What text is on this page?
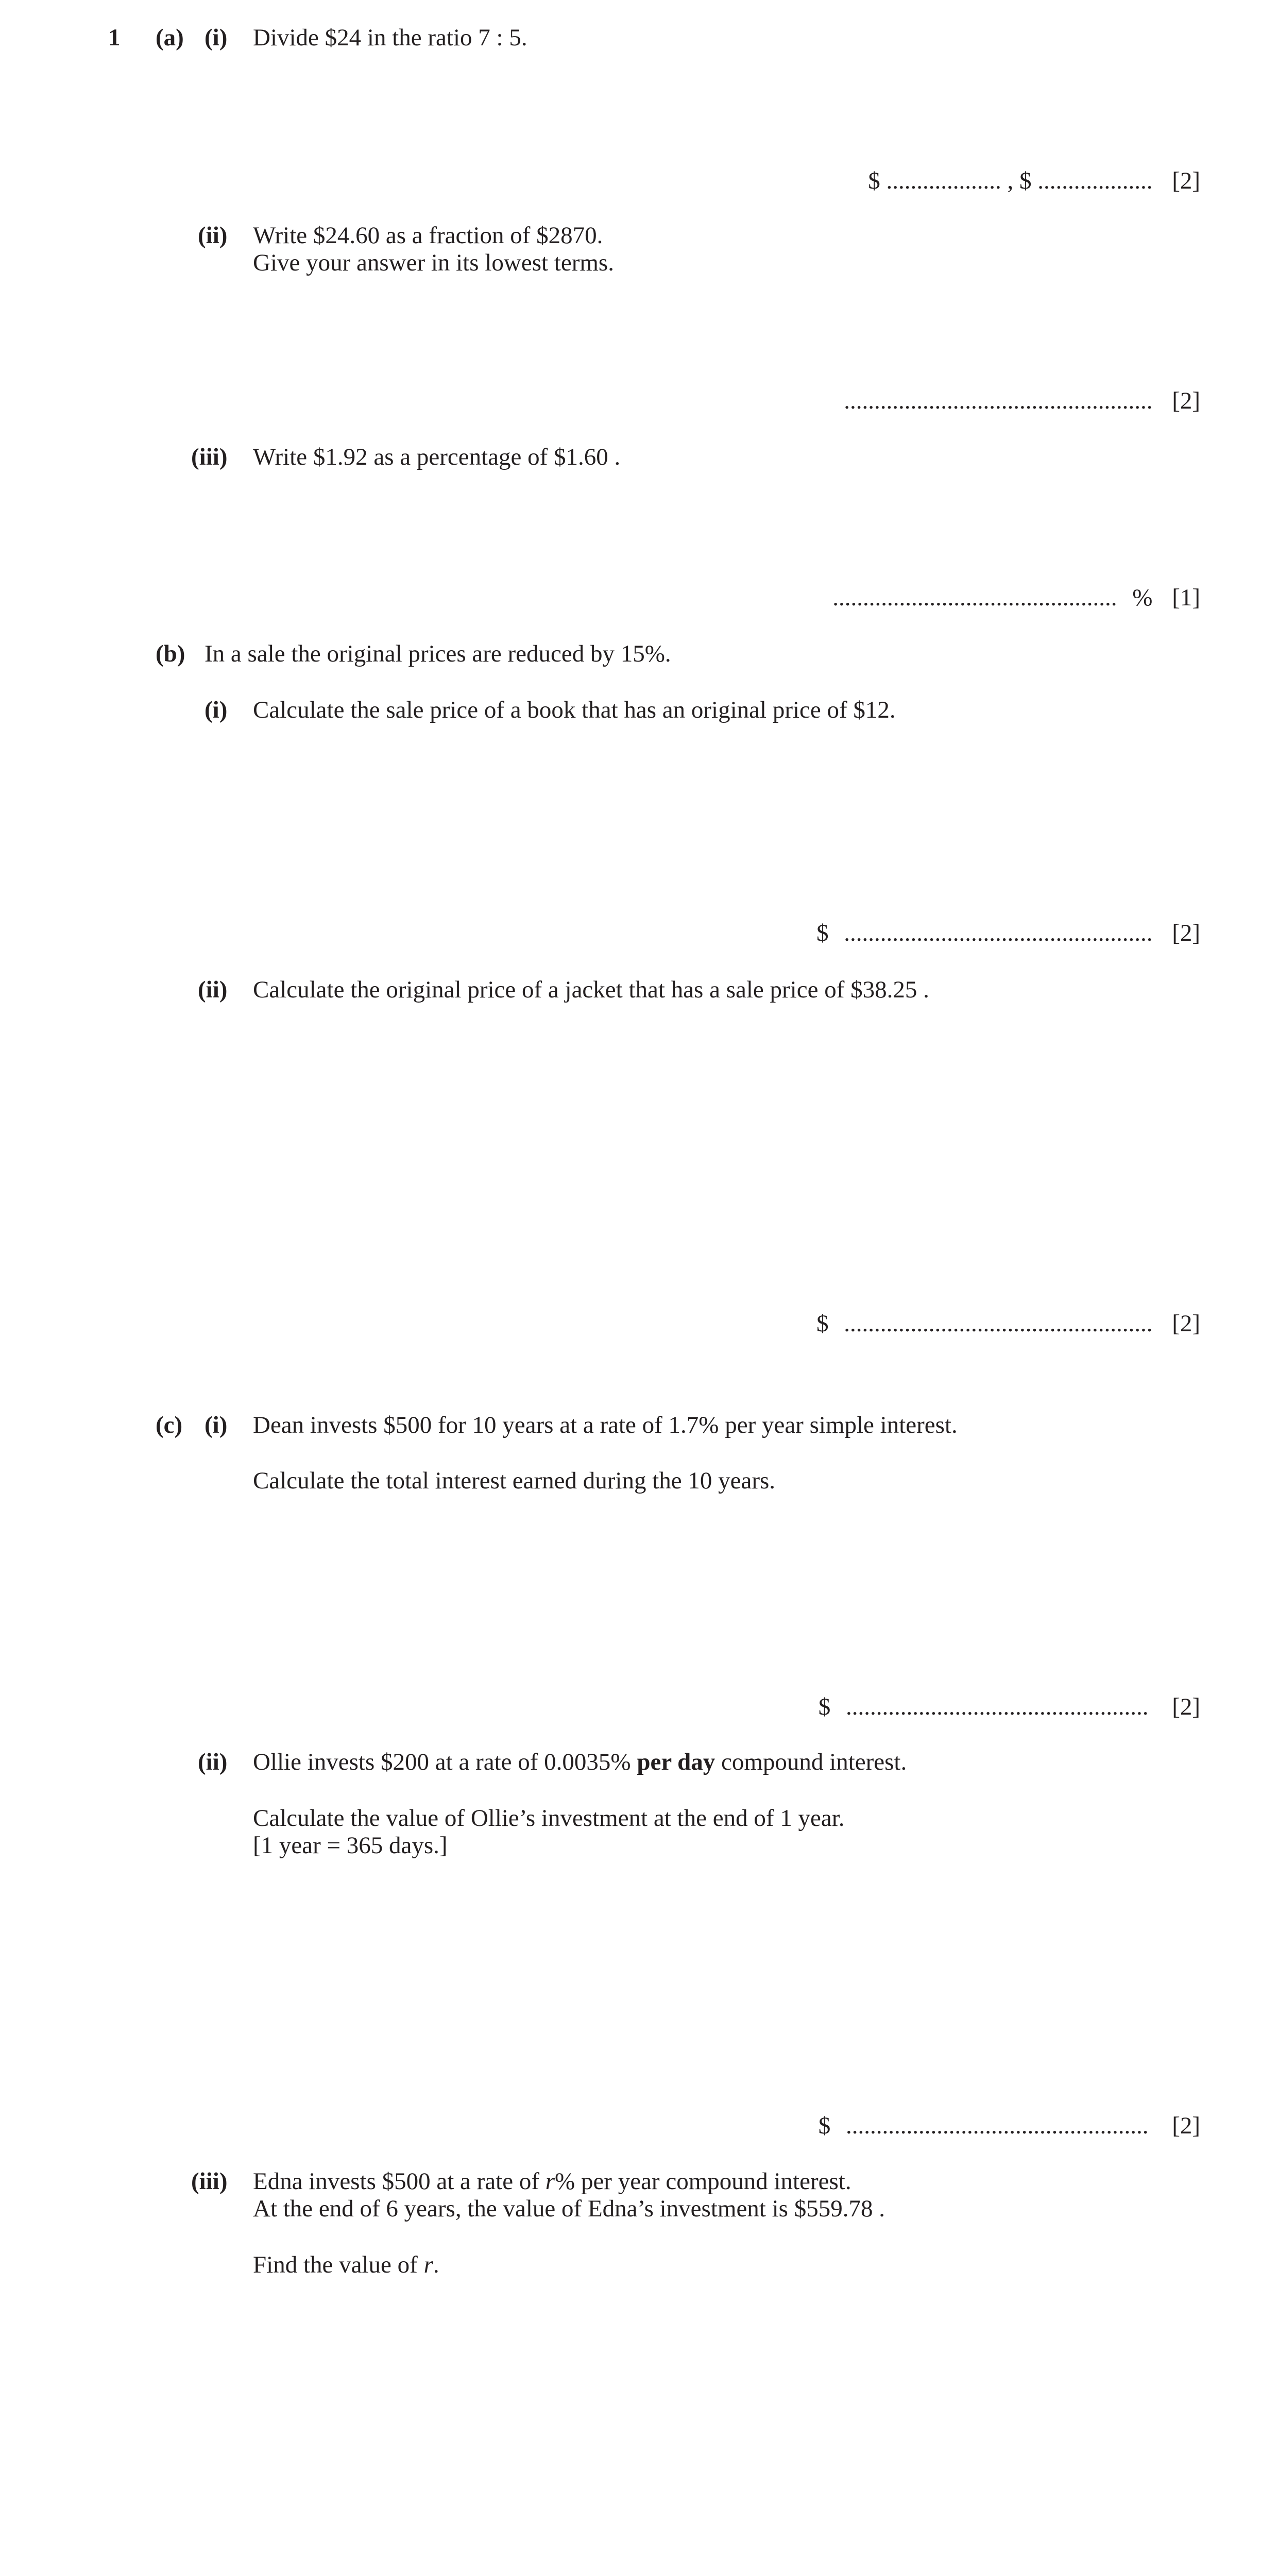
1 (a) (i) Divide $24 in the ratio 7 : 5.
$ ................... , $ ................... [2]
(ii) Write $24.60 as a fraction of $2870.
Give your answer in its lowest terms.
................................................... [2]
(iii) Write $1.92 as a percentage of $1.60 .
............................................... % [1]
(b) In a sale the original prices are reduced by 15%.
(i) Calculate the sale price of a book that has an original price of $12.
$ ................................................... [2]
(ii) Calculate the original price of a jacket that has a sale price of $38.25 .
$ ................................................... [2]
(c) (i) Dean invests $500 for 10 years at a rate of 1.7% per year simple interest.
Calculate the total interest earned during the 10 years.
$ .................................................. [2]
(ii) Ollie invests $200 at a rate of 0.0035% per day compound interest.
Calculate the value of Ollie’s investment at the end of 1 year.
[1 year = 365 days.]
$ .................................................. [2]
(iii) Edna invests $500 at a rate of r% per year compound interest.
At the end of 6 years, the value of Edna’s investment is $559.78 .
Find the value of r.
